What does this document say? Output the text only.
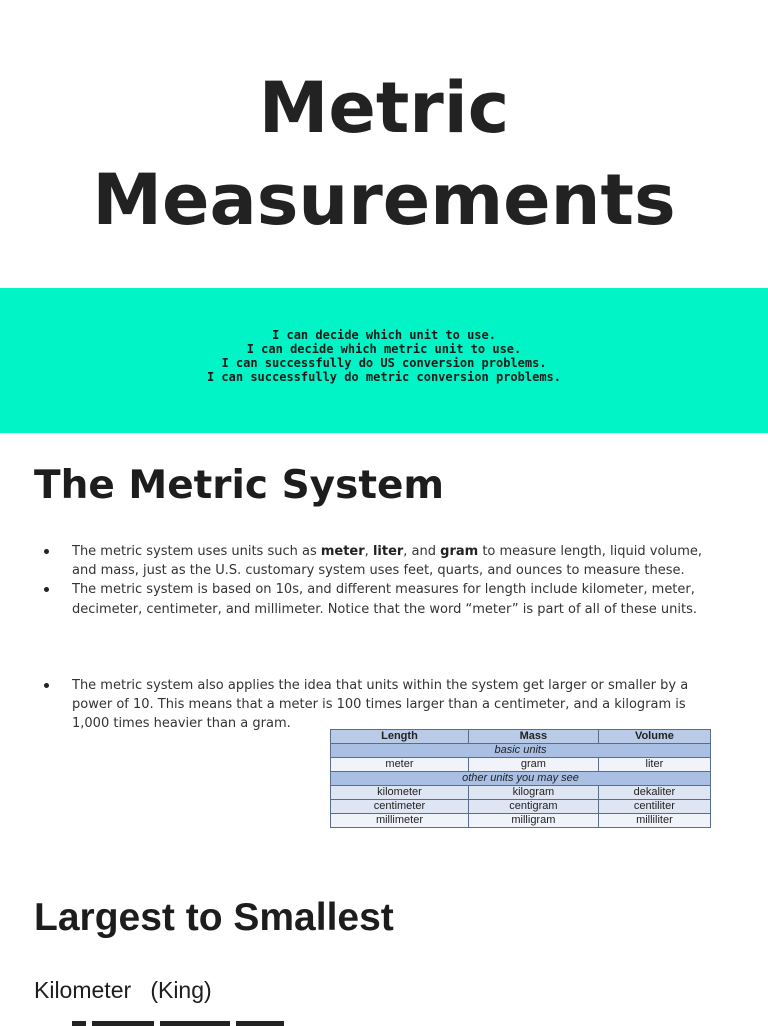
Metric
Measurements
I can decide which unit to use.
I can decide which metric unit to use.
I can successfully do US conversion problems.
I can successfully do metric conversion problems.
The Metric System
The metric system uses units such as meter, liter, and gram to measure length, liquid volume, and mass, just as the U.S. customary system uses feet, quarts, and ounces to measure these.
The metric system is based on 10s, and different measures for length include kilometer, meter, decimeter, centimeter, and millimeter. Notice that the word “meter” is part of all of these units.
The metric system also applies the idea that units within the system get larger or smaller by a power of 10. This means that a meter is 100 times larger than a centimeter, and a kilogram is 1,000 times heavier than a gram.
Length	Mass	Volume
basic units		
meter	gram	liter
other units you may see		
kilometer	kilogram	dekaliter
centimeter	centigram	centiliter
millimeter	milligram	milliliter
Largest to Smallest
Kilometer   (King)
